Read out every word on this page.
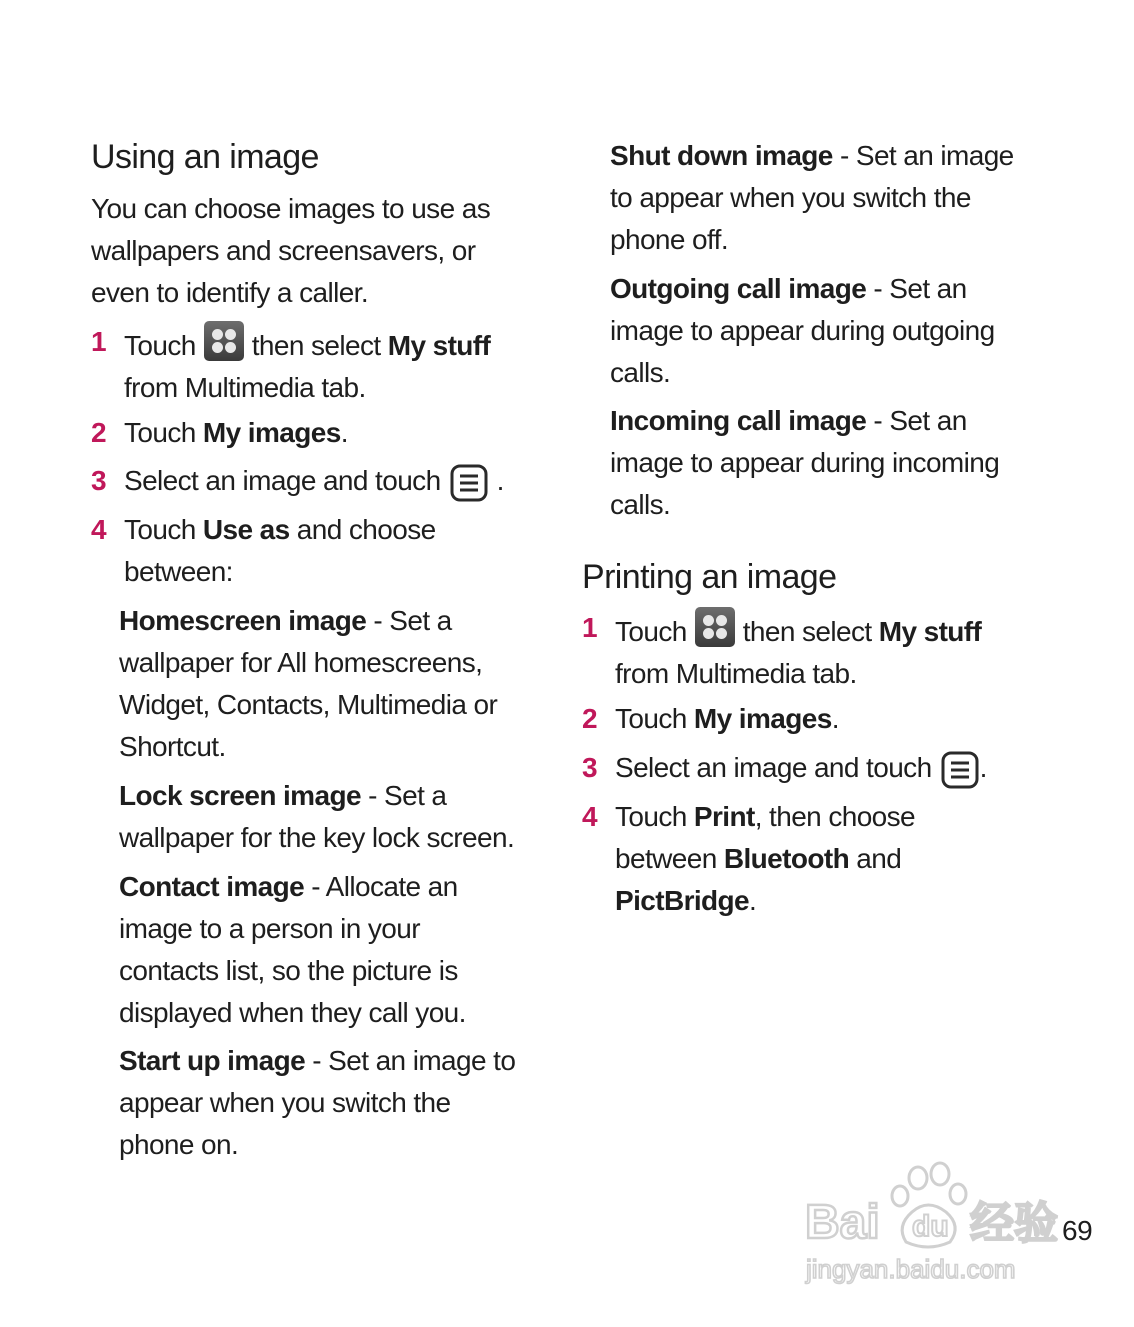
Using an image
You can choose images to use as wallpapers and screensavers, or even to identify a caller.
1 Touch then select My stuff
from Multimedia tab.
2 Touch My images.
3 Select an image and touch .
4 Touch Use as and choose between:
Homescreen image - Set a wallpaper for All homescreens, Widget, Contacts, Multimedia or Shortcut.
Lock screen image - Set a wallpaper for the key lock screen.
Contact image - Allocate an image to a person in your contacts list, so the picture is displayed when they call you.
Start up image - Set an image to appear when you switch the phone on.
Shut down image - Set an image to appear when you switch the phone off.
Outgoing call image - Set an image to appear during outgoing calls.
Incoming call image - Set an image to appear during incoming calls.
Printing an image
1 Touch then select My stuff
from Multimedia tab.
2 Touch My images.
3 Select an image and touch .
4 Touch Print, then choose between Bluetooth and PictBridge.
Bai du 经验
jingyan.baidu.com
69
